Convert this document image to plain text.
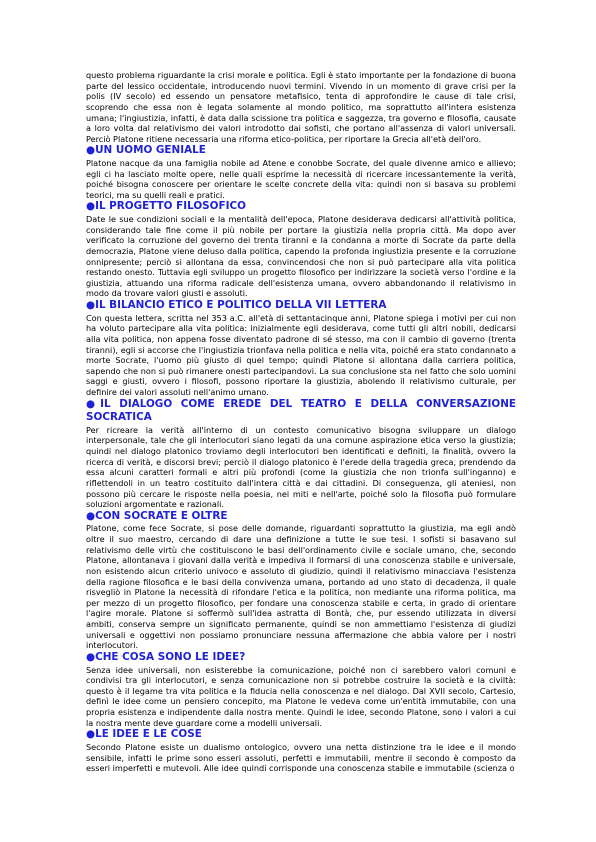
questo problema riguardante la crisi morale e politica. Egli è stato importante per la fondazione di buona parte del lessico occidentale, introducendo nuovi termini. Vivendo in un momento di grave crisi per la polis (IV secolo) ed essendo un pensatore metafisico, tenta di approfondire le cause di tale crisi, scoprendo che essa non è legata solamente al mondo politico, ma soprattutto all'intera esistenza umana; l'ingiustizia, infatti, è data dalla scissione tra politica e saggezza, tra governo e filosofia, causate a loro volta dal relativismo dei valori introdotto dai sofisti, che portano all'assenza di valori universali. Perciò Platone ritiene necessaria una riforma etico-politica, per riportare la Grecia all'età dell'oro.

●UN UOMO GENIALE

Platone nacque da una famiglia nobile ad Atene e conobbe Socrate, del quale divenne amico e allievo; egli ci ha lasciato molte opere, nelle quali esprime la necessità di ricercare incessantemente la verità, poiché bisogna conoscere per orientare le scelte concrete della vita: quindi non si basava su problemi teorici, ma su quelli reali e pratici.

●IL PROGETTO FILOSOFICO

Date le sue condizioni sociali e la mentalità dell'epoca, Platone desiderava dedicarsi all'attività politica, considerando tale fine come il più nobile per portare la giustizia nella propria città. Ma dopo aver verificato la corruzione del governo dei trenta tiranni e la condanna a morte di Socrate da parte della democrazia, Platone viene deluso dalla politica, capendo la profonda ingiustizia presente e la corruzione onnipresente; perciò si allontana da essa, convincendosi che non si può partecipare alla vita politica restando onesto. Tuttavia egli sviluppo un progetto filosofico per indirizzare la società verso l'ordine e la giustizia, attuando una riforma radicale dell'esistenza umana, ovvero abbandonando il relativismo in modo da trovare valori giusti e assoluti.

●IL BILANCIO ETICO E POLITICO DELLA VII LETTERA

Con questa lettera, scritta nel 353 a.C. all'età di settantacinque anni, Platone spiega i motivi per cui non ha voluto partecipare alla vita politica: inizialmente egli desiderava, come tutti gli altri nobili, dedicarsi alla vita politica, non appena fosse diventato padrone di sé stesso, ma con il cambio di governo (trenta tiranni), egli si accorse che l'ingiustizia trionfava nella politica e nella vita, poiché era stato condannato a morte Socrate, l'uomo più giusto di quel tempo; quindi Platone si allontana dalla carriera politica, sapendo che non si può rimanere onesti partecipandovi. La sua conclusione sta nel fatto che solo uomini saggi e giusti, ovvero i filosofi, possono riportare la giustizia, abolendo il relativismo culturale, per definire dei valori assoluti nell'animo umano.

●IL DIALOGO COME EREDE DEL TEATRO E DELLA CONVERSAZIONE SOCRATICA

Per ricreare la verità all'interno di un contesto comunicativo bisogna sviluppare un dialogo interpersonale, tale che gli interlocutori siano legati da una comune aspirazione etica verso la giustizia; quindi nel dialogo platonico troviamo degli interlocutori ben identificati e definiti, la finalità, ovvero la ricerca di verità, e discorsi brevi; perciò il dialogo platonico è l'erede della tragedia greca, prendendo da essa alcuni caratteri formali e altri più profondi (come la giustizia che non trionfa sull'inganno) e riflettendoli in un teatro costituito dall'intera città e dai cittadini. Di conseguenza, gli ateniesi, non possono più cercare le risposte nella poesia, nei miti e nell'arte, poiché solo la filosofia può formulare soluzioni argomentate e razionali.

●CON SOCRATE E OLTRE

Platone, come fece Socrate, si pose delle domande, riguardanti soprattutto la giustizia, ma egli andò oltre il suo maestro, cercando di dare una definizione a tutte le sue tesi. I sofisti si basavano sul relativismo delle virtù che costituiscono le basi dell'ordinamento civile e sociale umano, che, secondo Platone, allontanava i giovani dalla verità e impediva il formarsi di una conoscenza stabile e universale, non esistendo alcun criterio univoco e assoluto di giudizio, quindi il relativismo minacciava l'esistenza della ragione filosofica e le basi della convivenza umana, portando ad uno stato di decadenza, il quale risvegliò in Platone la necessità di rifondare l'etica e la politica, non mediante una riforma politica, ma per mezzo di un progetto filosofico, per fondare una conoscenza stabile e certa, in grado di orientare l'agire morale. Platone si soffermò sull'idea astratta di Bontà, che, pur essendo utilizzata in diversi ambiti, conserva sempre un significato permanente, quindi se non ammettiamo l'esistenza di giudizi universali e oggettivi non possiamo pronunciare nessuna affermazione che abbia valore per i nostri interlocutori.

●CHE COSA SONO LE IDEE?

Senza idee universali, non esisterebbe la comunicazione, poiché non ci sarebbero valori comuni e condivisi tra gli interlocutori, e senza comunicazione non si potrebbe costruire la società e la civiltà: questo è il legame tra vita politica e la fiducia nella conoscenza e nel dialogo. Dal XVII secolo, Cartesio, definì le idee come un pensiero concepito, ma Platone le vedeva come un'entità immutabile, con una propria esistenza e indipendente dalla nostra mente. Quindi le idee, secondo Platone, sono i valori a cui la nostra mente deve guardare come a modelli universali.

●LE IDEE E LE COSE

Secondo Platone esiste un dualismo ontologico, ovvero una netta distinzione tra le idee e il mondo sensibile, infatti le prime sono esseri assoluti, perfetti e immutabili, mentre il secondo è composto da esseri imperfetti e mutevoli. Alle idee quindi corrisponde una conoscenza stabile e immutabile (scienza o
